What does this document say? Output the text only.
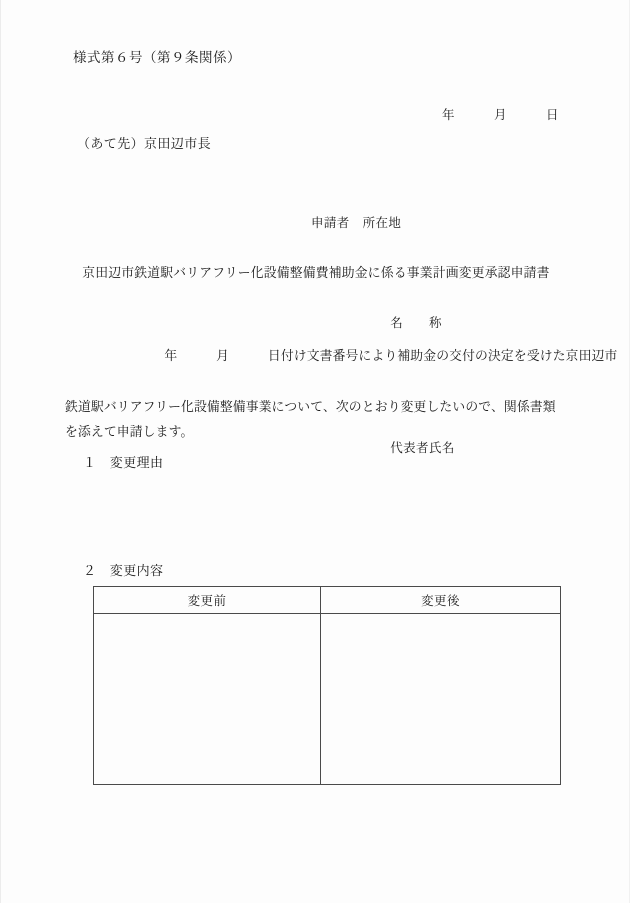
様式第６号（第９条関係）
年　　　月　　　日
（あて先）京田辺市長

申請者　所在地

名　　称

代表者氏名

京田辺市鉄道駅バリアフリー化設備整備費補助金に係る事業計画変更承認申請書

年　　　月　　　日付け文書番号により補助金の交付の決定を受けた京田辺市

鉄道駅バリアフリー化設備整備事業について、次のとおり変更したいので、関係書類
を添えて申請します。
１　変更理由
２　変更内容
変更前	変更後
